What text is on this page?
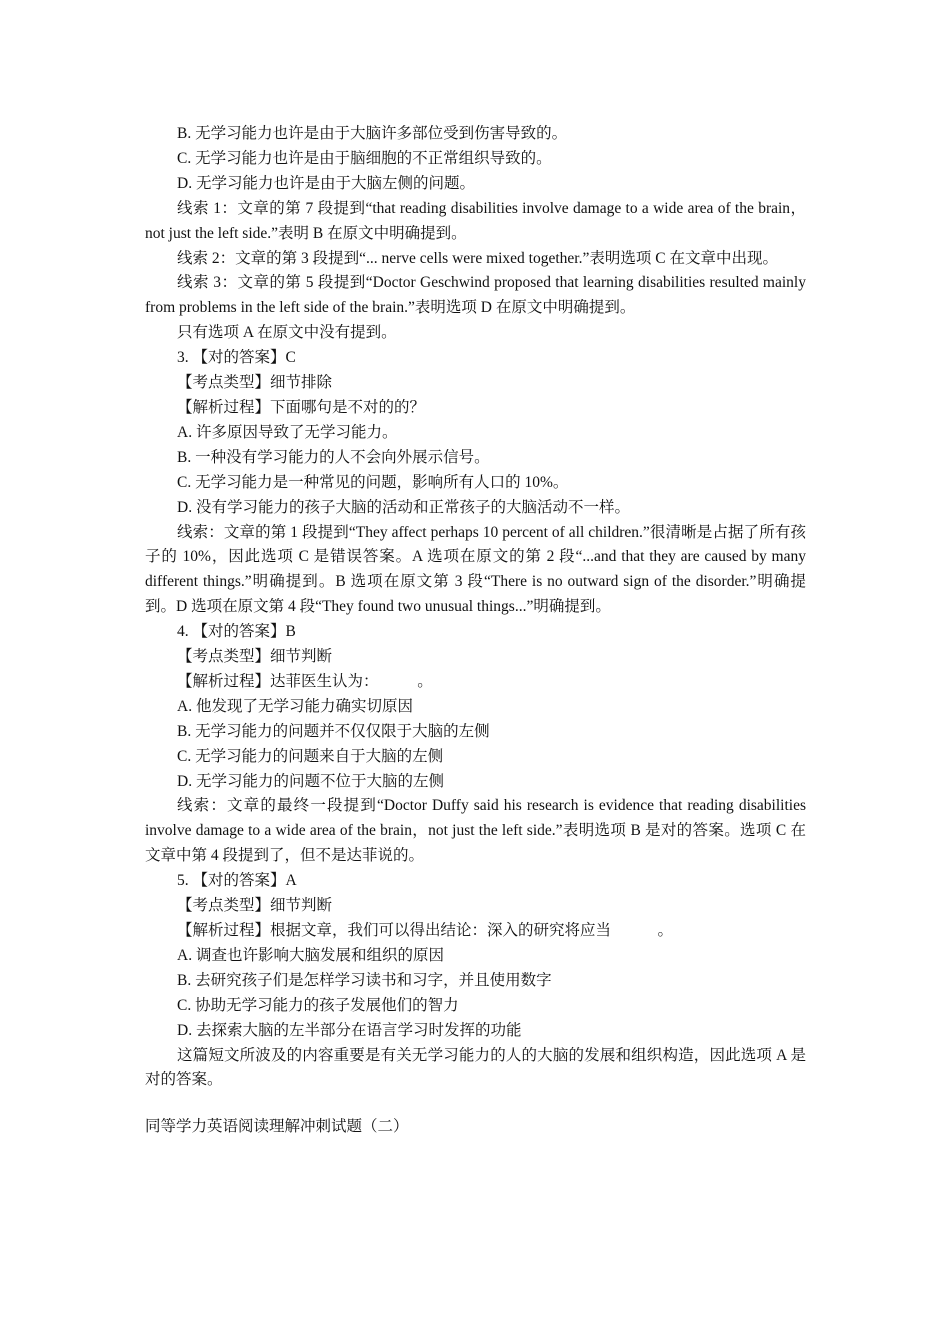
B. 无学习能力也许是由于大脑许多部位受到伤害导致的。

C. 无学习能力也许是由于脑细胞的不正常组织导致的。

D. 无学习能力也许是由于大脑左侧的问题。

线索 1：文章的第 7 段提到“that reading disabilities involve damage to a wide area of the brain，not just the left side.”表明 B 在原文中明确提到。

线索 2：文章的第 3 段提到“... nerve cells were mixed together.”表明选项 C 在文章中出现。

线索 3：文章的第 5 段提到“Doctor Geschwind proposed that learning disabilities resulted mainly from problems in the left side of the brain.”表明选项 D 在原文中明确提到。

只有选项 A 在原文中没有提到。

3. 【对的答案】C

【考点类型】细节排除

【解析过程】下面哪句是不对的的？

A. 许多原因导致了无学习能力。

B. 一种没有学习能力的人不会向外展示信号。

C. 无学习能力是一种常见的问题，影响所有人口的 10%。

D. 没有学习能力的孩子大脑的活动和正常孩子的大脑活动不一样。

线索：文章的第 1 段提到“They affect perhaps 10 percent of all children.”很清晰是占据了所有孩子的 10%，因此选项 C 是错误答案。A 选项在原文的第 2 段“...and that they are caused by many different things.”明确提到。B 选项在原文第 3 段“There is no outward sign of the disorder.”明确提到。D 选项在原文第 4 段“They found two unusual things...”明确提到。

4. 【对的答案】B

【考点类型】细节判断

【解析过程】达菲医生认为：　　　。

A. 他发现了无学习能力确实切原因

B. 无学习能力的问题并不仅仅限于大脑的左侧

C. 无学习能力的问题来自于大脑的左侧

D. 无学习能力的问题不位于大脑的左侧

线索：文章的最终一段提到“Doctor Duffy said his research is evidence that reading disabilities involve damage to a wide area of the brain，not just the left side.”表明选项 B 是对的答案。选项 C 在文章中第 4 段提到了，但不是达菲说的。

5. 【对的答案】A

【考点类型】细节判断

【解析过程】根据文章，我们可以得出结论：深入的研究将应当　　　。

A. 调查也许影响大脑发展和组织的原因

B. 去研究孩子们是怎样学习读书和习字，并且使用数字

C. 协助无学习能力的孩子发展他们的智力

D. 去探索大脑的左半部分在语言学习时发挥的功能

这篇短文所波及的内容重要是有关无学习能力的人的大脑的发展和组织构造，因此选项 A 是对的答案。

同等学力英语阅读理解冲刺试题（二）
